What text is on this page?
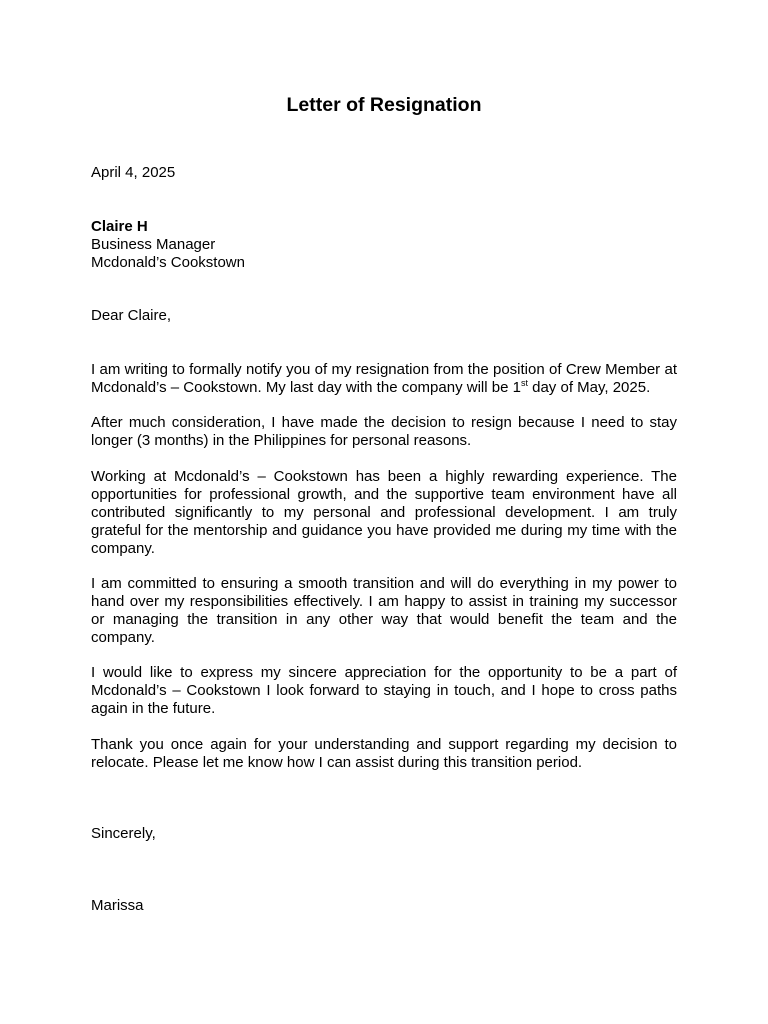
Letter of Resignation

April 4, 2025

Claire H
Business Manager
Mcdonald’s Cookstown

Dear Claire,

I am writing to formally notify you of my resignation from the position of Crew Member at Mcdonald’s – Cookstown. My last day with the company will be 1st day of May, 2025.

After much consideration, I have made the decision to resign because I need to stay longer (3 months) in the Philippines for personal reasons.

Working at Mcdonald’s – Cookstown has been a highly rewarding experience. The opportunities for professional growth, and the supportive team environment have all contributed significantly to my personal and professional development. I am truly grateful for the mentorship and guidance you have provided me during my time with the company.

I am committed to ensuring a smooth transition and will do everything in my power to hand over my responsibilities effectively. I am happy to assist in training my successor or managing the transition in any other way that would benefit the team and the company.

I would like to express my sincere appreciation for the opportunity to be a part of Mcdonald’s – Cookstown I look forward to staying in touch, and I hope to cross paths again in the future.

Thank you once again for your understanding and support regarding my decision to relocate. Please let me know how I can assist during this transition period.

Sincerely,

Marissa
